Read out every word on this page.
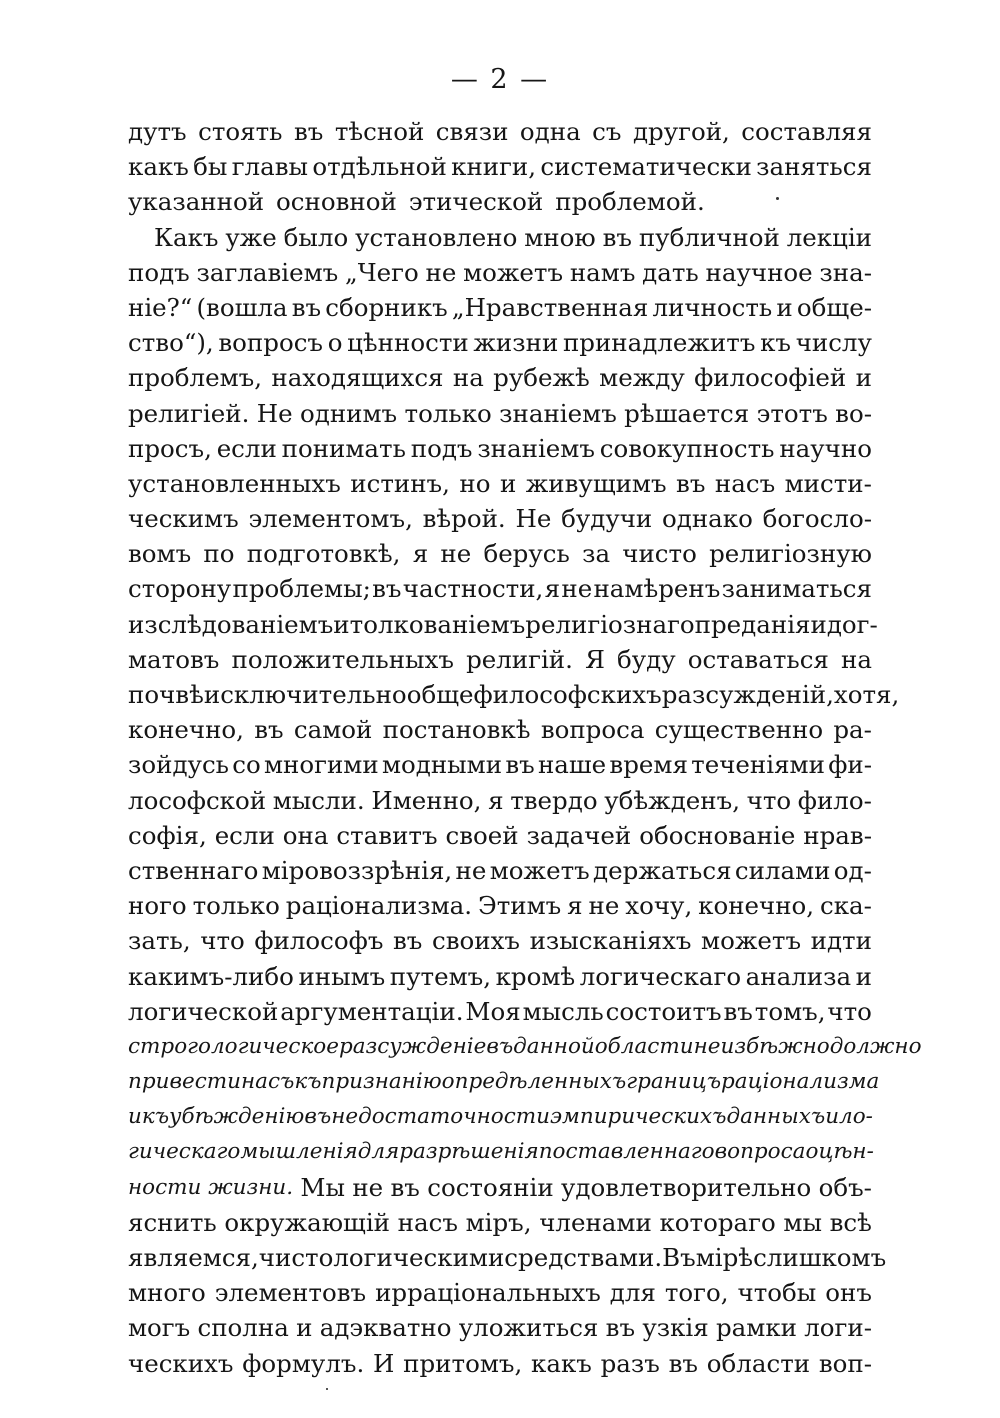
— 2 —
дутъ стоять въ тѣсной связи одна съ другой, составляя
какъ бы главы отдѣльной книги, систематически заняться
указанной основной этической проблемой.
Какъ уже было установлено мною въ публичной лекціи
подъ заглавіемъ „Чего не можетъ намъ дать научное зна-
ніе?“ (вошла въ сборникъ „Нравственная личность и обще-
ство“), вопросъ о цѣнности жизни принадлежитъ къ числу
проблемъ, находящихся на рубежѣ между философіей и
религіей. Не однимъ только знаніемъ рѣшается этотъ во-
просъ, если понимать подъ знаніемъ совокупность научно
установленныхъ истинъ, но и живущимъ въ насъ мисти-
ческимъ элементомъ, вѣрой. Не будучи однако богосло-
вомъ по подготовкѣ, я не берусь за чисто религіозную
сторону проблемы; въ частности, я не намѣренъ заниматься
изслѣдованіемъ и толкованіемъ религіознаго преданія и дог-
матовъ положительныхъ религій. Я буду оставаться на
почвѣ исключительно общефилософскихъ разсужденій, хотя,
конечно, въ самой постановкѣ вопроса существенно ра-
зойдусь со многими модными въ наше время теченіями фи-
лософской мысли. Именно, я твердо убѣжденъ, что фило-
софія, если она ставитъ своей задачей обоснованіе нрав-
ственнаго міровоззрѣнія, не можетъ держаться силами од-
ного только раціонализма. Этимъ я не хочу, конечно, ска-
зать, что философъ въ своихъ изысканіяхъ можетъ идти
какимъ-либо инымъ путемъ, кромѣ логическаго анализа и
логической аргументаціи. Моя мысль состоитъ въ томъ, что
строго логическое разсужденіе въ данной области неизбѣжно должно
привести насъ къ признанію опредѣленныхъ границъ раціонализма
и къ убѣжденію въ недостаточности эмпирическихъ данныхъ и ло-
гическаго мышленія для разрѣшенія поставленнаго вопроса о цѣн-
ности жизни. Мы не въ состояніи удовлетворительно объ-
яснить окружающій насъ міръ, членами котораго мы всѣ
являемся, чисто логическими средствами. Въ мірѣ слишкомъ
много элементовъ ирраціональныхъ для того, чтобы онъ
могъ сполна и адэкватно уложиться въ узкія рамки логи-
ческихъ формулъ. И притомъ, какъ разъ въ области воп-
